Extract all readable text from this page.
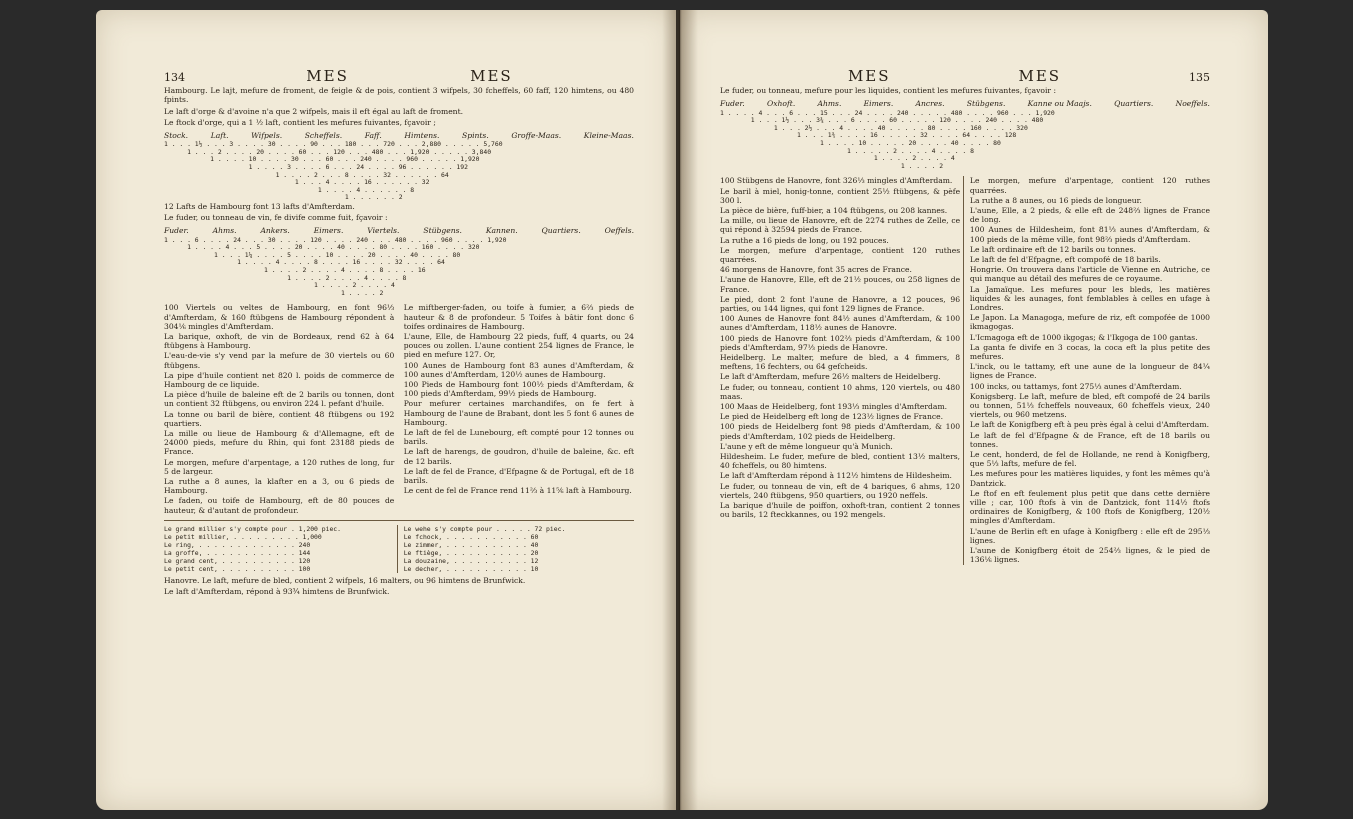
134	MES	MES

Hambourg. Le lajt, mefure de froment, de feigle & de pois, contient 3 wifpels, 30 fcheffels, 60 faff, 120 himtens, ou 480 fpints.

Le laft d'orge & d'avoine n'a que 2 wifpels, mais il eft égal au laft de froment.

Le ftock d'orge, qui a 1 ½ laft, contient les mefures fuivantes, fçavoir ;

Stock.	Laft.	Wifpels.	Scheffels.	Faff.	Himtens.	Spints.	Groffe-Maas.	Kleine-Maas.
1 . . . 1½ . . . 3 . . . . 30 . . . . 90 . . . 180 . . . 720 . . . 2,880 . . . . . 5,760
1 . . . 2 . . . . 20 . . . . 60 . . . 120 . . . 480 . . . 1,920 . . . . . 3,840
1 . . . . 10 . . . . 30 . . . 60 . . . 240 . . . . 960 . . . . . 1,920
1 . . . . 3 . . . . 6 . . . 24 . . . . 96 . . . . . . 192
1 . . . . 2 . . . 8 . . . . 32 . . . . . . 64
1 . . . 4 . . . . 16 . . . . . . 32
1 . . . . 4 . . . . . . 8
1 . . . . . . 2

12 Lafts de Hambourg font 13 lafts d'Amfterdam.

Le fuder, ou tonneau de vin, fe divife comme fuit, fçavoir :

Fuder.	Ahms.	Ankers.	Eimers.	Viertels.	Stübgens.	Kannen.	Quartiers.	Oeffels.
1 . . . 6 . . . . 24 . . . 30 . . . . 120 . . . . 240 . . . 480 . . . . 960 . . . . 1,920
1 . . . . 4 . . . 5 . . . . 20 . . . . 40 . . . . 80 . . . . 160 . . . . 320
1 . . . 1¼ . . . . 5 . . . . 10 . . . . 20 . . . . 40 . . . . 80
1 . . . . 4 . . . . 8 . . . . 16 . . . . 32 . . . . 64
1 . . . . 2 . . . . 4 . . . . 8 . . . . 16
1 . . . . 2 . . . . 4 . . . . 8
1 . . . . 2 . . . . 4
1 . . . . 2

100 Viertels ou veltes de Hambourg, en font 96⅓ d'Amfterdam, & 160 ftübgens de Hambourg répondent à 304⅙ mingles d'Amfterdam.

La barique, oxhoft, de vin de Bordeaux, rend 62 à 64 ftübgens à Hambourg.

L'eau-de-vie s'y vend par la mefure de 30 viertels ou 60 ftübgens.

La pipe d'huile contient net 820 l. poids de commerce de Hambourg de ce liquide.

La pièce d'huile de baleine eft de 2 barils ou tonnen, dont un contient 32 ftübgens, ou environ 224 l. pefant d'huile.

La tonne ou baril de bière, contient 48 ftübgens ou 192 quartiers.

La mille ou lieue de Hambourg & d'Allemagne, eft de 24000 pieds, mefure du Rhin, qui font 23188 pieds de France.

Le morgen, mefure d'arpentage, a 120 ruthes de long, fur 5 de largeur.

La ruthe a 8 aunes, la klafter en a 3, ou 6 pieds de Hambourg.

Le faden, ou toife de Hambourg, eft de 80 pouces de hauteur, & d'autant de profondeur.

Le miftberger-faden, ou toife à fumier, a 6⅔ pieds de hauteur & 8 de profondeur. 5 Toifes à bâtir font donc 6 toifes ordinaires de Hambourg.

L'aune, Elle, de Hambourg 22 pieds, fuff, 4 quarts, ou 24 pouces ou zollen. L'aune contient 254 lignes de France, le pied en mefure 127. Or,

100 Aunes de Hambourg font 83 aunes d'Amfterdam, & 100 aunes d'Amfterdam, 120½ aunes de Hambourg.

100 Pieds de Hambourg font 100½ pieds d'Amfterdam, & 100 pieds d'Amfterdam, 99½ pieds de Hambourg.

Pour mefurer certaines marchandifes, on fe fert à Hambourg de l'aune de Brabant, dont les 5 font 6 aunes de Hambourg.

Le laft de fel de Lunebourg, eft compté pour 12 tonnes ou barils.

Le laft de harengs, de goudron, d'huile de baleine, &c. eft de 12 barils.

Le laft de fel de France, d'Efpagne & de Portugal, eft de 18 barils.

Le cent de fel de France rend 11⅔ à 11⅚ laft à Hambourg.

Le grand millier s'y compte pour . 1,200 piec.
Le petit millier, . . . . . . . . . 1,000
Le ring, . . . . . . . . . . . . . 240
La groffe, . . . . . . . . . . . . 144
Le grand cent, . . . . . . . . . . 120
Le petit cent, . . . . . . . . . . 100
Le wehe s'y compte pour . . . . . 72 piec.
Le fchock, . . . . . . . . . . . 60
Le zimmer, . . . . . . . . . . . 40
Le ftiège, . . . . . . . . . . . 20
La douzaine, . . . . . . . . . . 12
Le decher, . . . . . . . . . . . 10

Hanovre. Le laft, mefure de bled, contient 2 wifpels, 16 malters, ou 96 himtens de Brunfwick.

Le laft d'Amfterdam, répond à 93¾ himtens de Brunfwick.

MES	MES	135

Le fuder, ou tonneau, mefure pour les liquides, contient les mefures fuivantes, fçavoir :

Fuder.	Oxhoft.	Ahms.	Eimers.	Ancres.	Stübgens.	Kanne ou Maajs.	Quartiers.	Noeffels.
1 . . . . 4 . . . 6 . . . 15 . . . 24 . . . . 240 . . . . . 480 . . . . 960 . . . 1,920
1 . . . 1½ . . . 3¾ . . . 6 . . . . 60 . . . . . 120 . . . . 240 . . . . 480
1 . . . 2½ . . . 4 . . . . 40 . . . . . 80 . . . . 160 . . . . 320
1 . . . 1⅗ . . . . 16 . . . . . 32 . . . . 64 . . . . 128
1 . . . . 10 . . . . . 20 . . . . 40 . . . . 80
1 . . . . . 2 . . . . 4 . . . . 8
1 . . . . 2 . . . . 4
1 . . . . 2

100 Stübgens de Hanovre, font 326⅓ mingles d'Amfterdam.

Le baril à miel, honig-tonne, contient 25½ ftübgens, & pèfe 300 l.

La pièce de bière, fuff-bier, a 104 ftübgens, ou 208 kannes.

La mille, ou lieue de Hanovre, eft de 2274 ruthes de Zelle, ce qui répond à 32594 pieds de France.

La ruthe a 16 pieds de long, ou 192 pouces.

Le morgen, mefure d'arpentage, contient 120 ruthes quarrées.

46 morgens de Hanovre, font 35 acres de France.

L'aune de Hanovre, Elle, eft de 21½ pouces, ou 258 lignes de France.

Le pied, dont 2 font l'aune de Hanovre, a 12 pouces, 96 parties, ou 144 lignes, qui font 129 lignes de France.

100 Aunes de Hanovre font 84½ aunes d'Amfterdam, & 100 aunes d'Amfterdam, 118½ aunes de Hanovre.

100 pieds de Hanovre font 102⅔ pieds d'Amfterdam, & 100 pieds d'Amfterdam, 97⅓ pieds de Hanovre.

Heidelberg. Le malter, mefure de bled, a 4 fimmers, 8 meftens, 16 fechters, ou 64 gefcheids.

Le laft d'Amfterdam, mefure 26½ malters de Heidelberg.

Le fuder, ou tonneau, contient 10 ahms, 120 viertels, ou 480 maas.

100 Maas de Heidelberg, font 193⅓ mingles d'Amfterdam.

Le pied de Heidelberg eft long de 123½ lignes de France.

100 pieds de Heidelberg font 98 pieds d'Amfterdam, & 100 pieds d'Amfterdam, 102 pieds de Heidelberg.

L'aune y eft de même longueur qu'à Munich.

Hildesheim. Le fuder, mefure de bled, contient 13½ malters, 40 fcheffels, ou 80 himtens.

Le laft d'Amfterdam répond à 112½ himtens de Hildesheim.

Le fuder, ou tonneau de vin, eft de 4 bariques, 6 ahms, 120 viertels, 240 ftübgens, 950 quartiers, ou 1920 neffels.

La barique d'huile de poiffon, oxhoft-tran, contient 2 tonnes ou barils, 12 fteckkannes, ou 192 mengels.

Le morgen, mefure d'arpentage, contient 120 ruthes quarrées.

La ruthe a 8 aunes, ou 16 pieds de longueur.

L'aune, Elle, a 2 pieds, & elle eft de 248⅔ lignes de France de long.

100 Aunes de Hildesheim, font 81⅓ aunes d'Amfterdam, & 100 pieds de la même ville, font 98⅔ pieds d'Amfterdam.

Le laft ordinaire eft de 12 barils ou tonnes.

Le laft de fel d'Efpagne, eft compofé de 18 barils.

Hongrie. On trouvera dans l'article de Vienne en Autriche, ce qui manque au détail des mefures de ce royaume.

La Jamaïque. Les mefures pour les bleds, les matières liquides & les aunages, font femblables à celles en ufage à Londres.

Le Japon. La Managoga, mefure de riz, eft compofée de 1000 ikmagogas.

L'Icmagoga eft de 1000 ikgogas; & l'Ikgoga de 100 gantas.

La ganta fe divife en 3 cocas, la coca eft la plus petite des mefures.

L'inck, ou le tattamy, eft une aune de la longueur de 84¼ lignes de France.

100 incks, ou tattamys, font 275⅓ aunes d'Amfterdam.

Konigsberg. Le laft, mefure de bled, eft compofé de 24 barils ou tonnen, 51⅓ fcheffels nouveaux, 60 fcheffels vieux, 240 viertels, ou 960 metzens.

Le laft de Konigfberg eft à peu près égal à celui d'Amfterdam.

Le laft de fel d'Efpagne & de France, eft de 18 barils ou tonnes.

Le cent, honderd, de fel de Hollande, ne rend à Konigfberg, que 5⅓ lafts, mefure de fel.

Les mefures pour les matières liquides, y font les mêmes qu'à Dantzick.

Le ftof en eft feulement plus petit que dans cette dernière ville ; car, 100 ftofs à vin de Dantzick, font 114½ ftofs ordinaires de Konigfberg, & 100 ftofs de Konigfberg, 120½ mingles d'Amfterdam.

L'aune de Berlin eft en ufage à Konigfberg : elle eft de 295⅓ lignes.

L'aune de Konigfberg étoit de 254⅔ lignes, & le pied de 136⅙ lignes.
